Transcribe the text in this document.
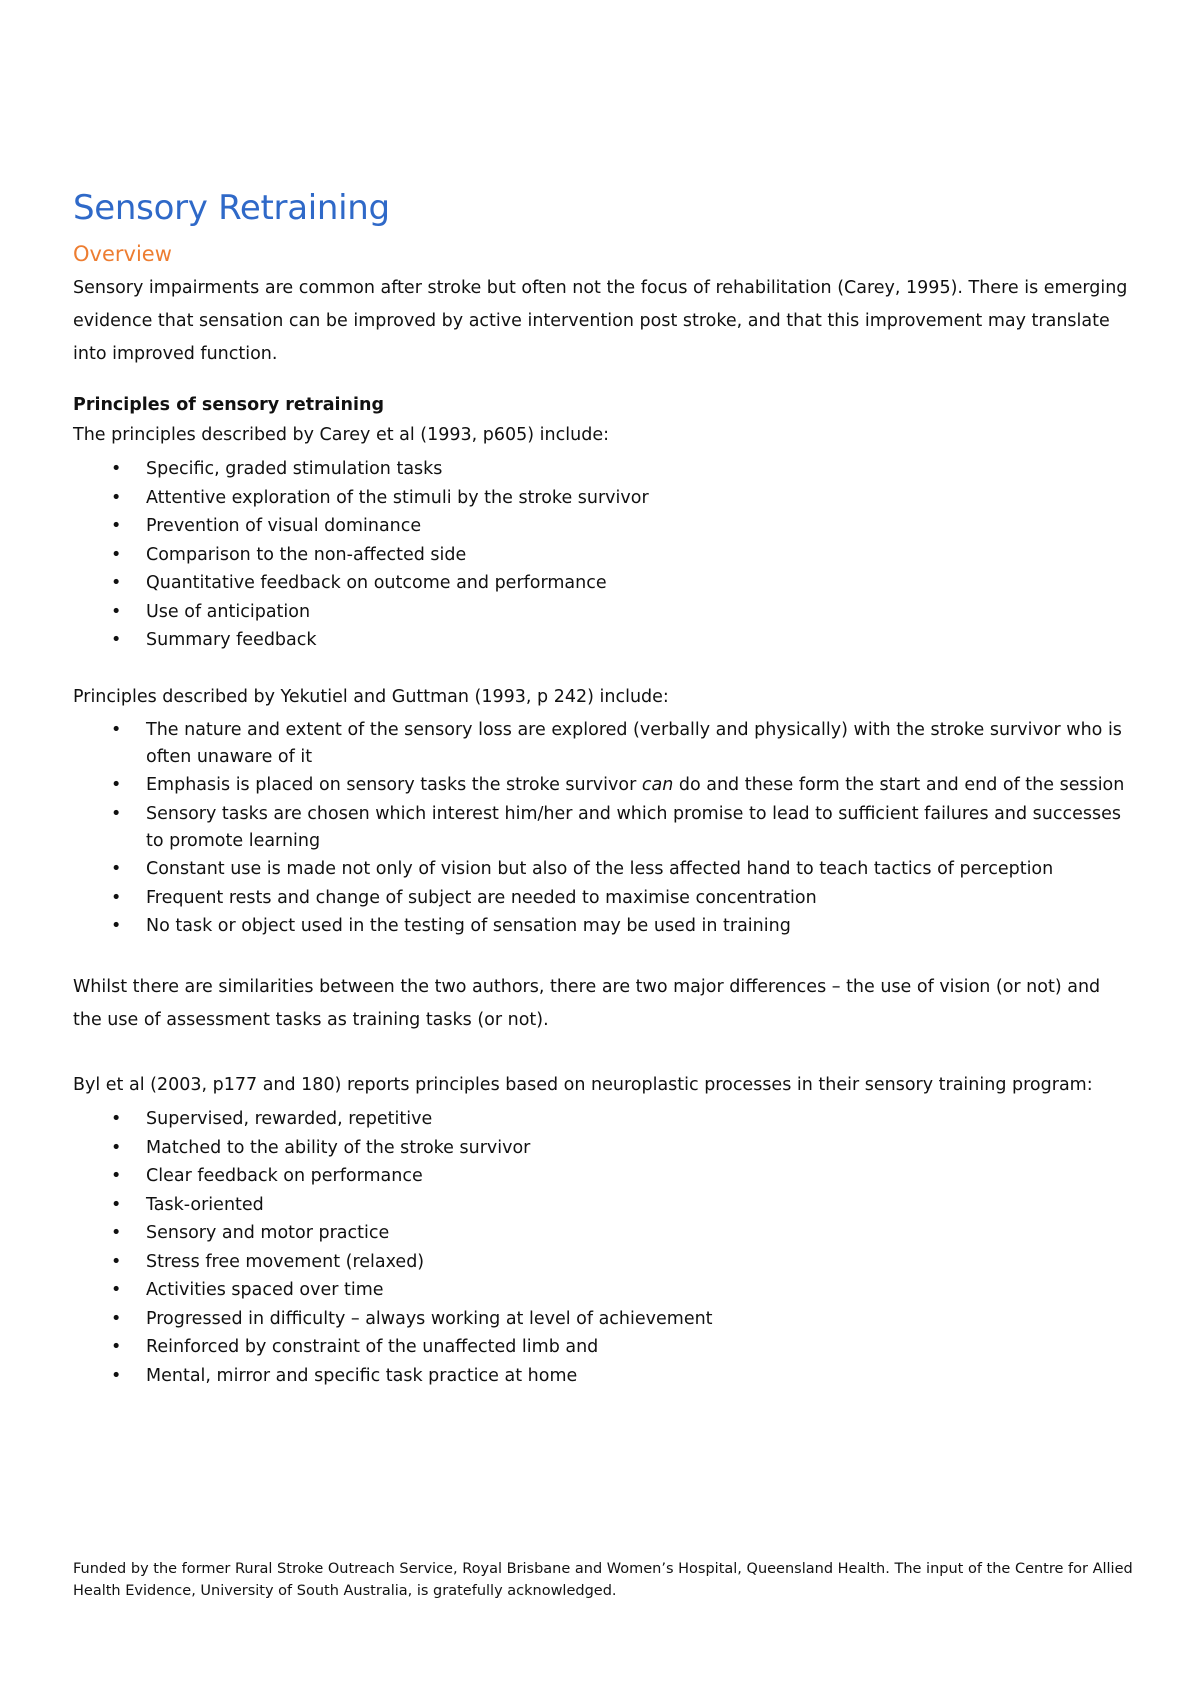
Sensory Retraining
Overview

Sensory impairments are common after stroke but often not the focus of rehabilitation (Carey, 1995). There is emerging evidence that sensation can be improved by active intervention post stroke, and that this improvement may translate into improved function.

Principles of sensory retraining
The principles described by Carey et al (1993, p605) include:
• Specific, graded stimulation tasks
• Attentive exploration of the stimuli by the stroke survivor
• Prevention of visual dominance
• Comparison to the non-affected side
• Quantitative feedback on outcome and performance
• Use of anticipation
• Summary feedback
Principles described by Yekutiel and Guttman (1993, p 242) include:
• The nature and extent of the sensory loss are explored (verbally and physically) with the stroke survivor who is often unaware of it
• Emphasis is placed on sensory tasks the stroke survivor can do and these form the start and end of the session
• Sensory tasks are chosen which interest him/her and which promise to lead to sufficient failures and successes to promote learning
• Constant use is made not only of vision but also of the less affected hand to teach tactics of perception
• Frequent rests and change of subject are needed to maximise concentration
• No task or object used in the testing of sensation may be used in training

Whilst there are similarities between the two authors, there are two major differences – the use of vision (or not) and the use of assessment tasks as training tasks (or not).

Byl et al (2003, p177 and 180) reports principles based on neuroplastic processes in their sensory training program:
• Supervised, rewarded, repetitive
• Matched to the ability of the stroke survivor
• Clear feedback on performance
• Task-oriented
• Sensory and motor practice
• Stress free movement (relaxed)
• Activities spaced over time
• Progressed in difficulty – always working at level of achievement
• Reinforced by constraint of the unaffected limb and
• Mental, mirror and specific task practice at home
Funded by the former Rural Stroke Outreach Service, Royal Brisbane and Women’s Hospital, Queensland Health. The input of the Centre for Allied Health Evidence, University of South Australia, is gratefully acknowledged.
